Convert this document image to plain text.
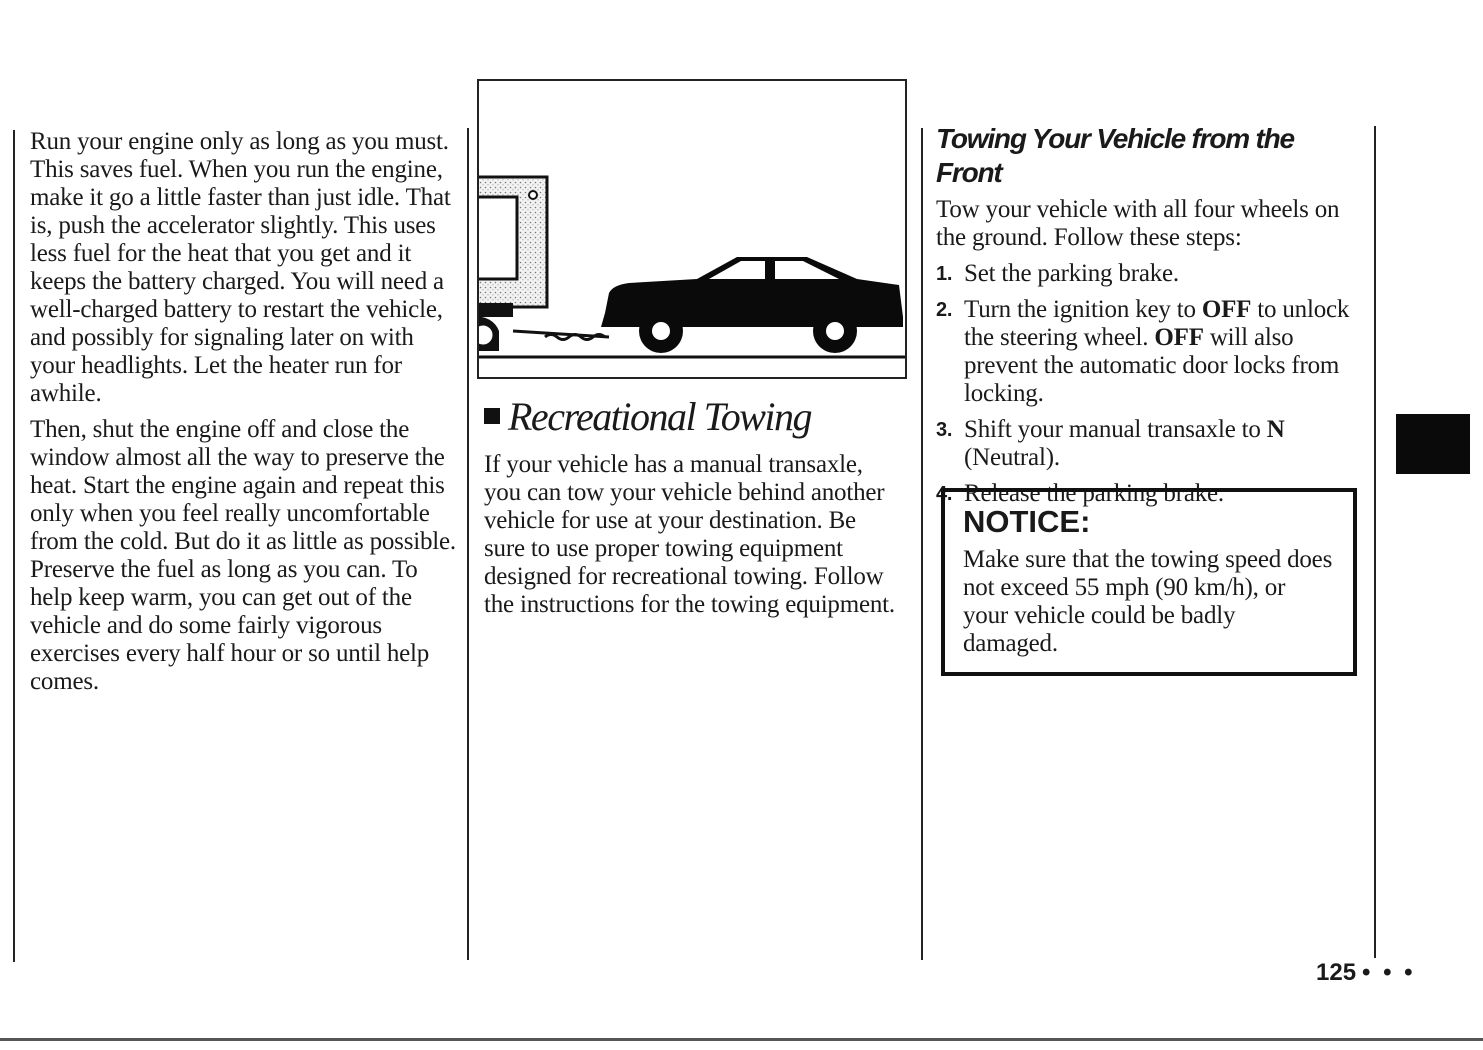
Run your engine only as long as you must. This saves fuel. When you run the engine, make it go a little faster than just idle. That is, push the accelerator slightly. This uses less fuel for the heat that you get and it keeps the battery charged. You will need a well-charged battery to restart the vehicle, and possibly for signaling later on with your headlights. Let the heater run for awhile.

Then, shut the engine off and close the window almost all the way to preserve the heat. Start the engine again and repeat this only when you feel really uncomfortable from the cold. But do it as little as possible. Preserve the fuel as long as you can. To help keep warm, you can get out of the vehicle and do some fairly vigorous exercises every half hour or so until help comes.

Recreational Towing

If your vehicle has a manual transaxle, you can tow your vehicle behind another vehicle for use at your destination. Be sure to use proper towing equipment designed for recreational towing. Follow the instructions for the towing equipment.

Towing Your Vehicle from the Front

Tow your vehicle with all four wheels on the ground. Follow these steps:

1. Set the parking brake.
2. Turn the ignition key to OFF to unlock the steering wheel. OFF will also prevent the automatic door locks from locking.
3. Shift your manual transaxle to N (Neutral).
4. Release the parking brake.
NOTICE:

Make sure that the towing speed does not exceed 55 mph (90 km/h), or your vehicle could be badly damaged.

125 • • •
